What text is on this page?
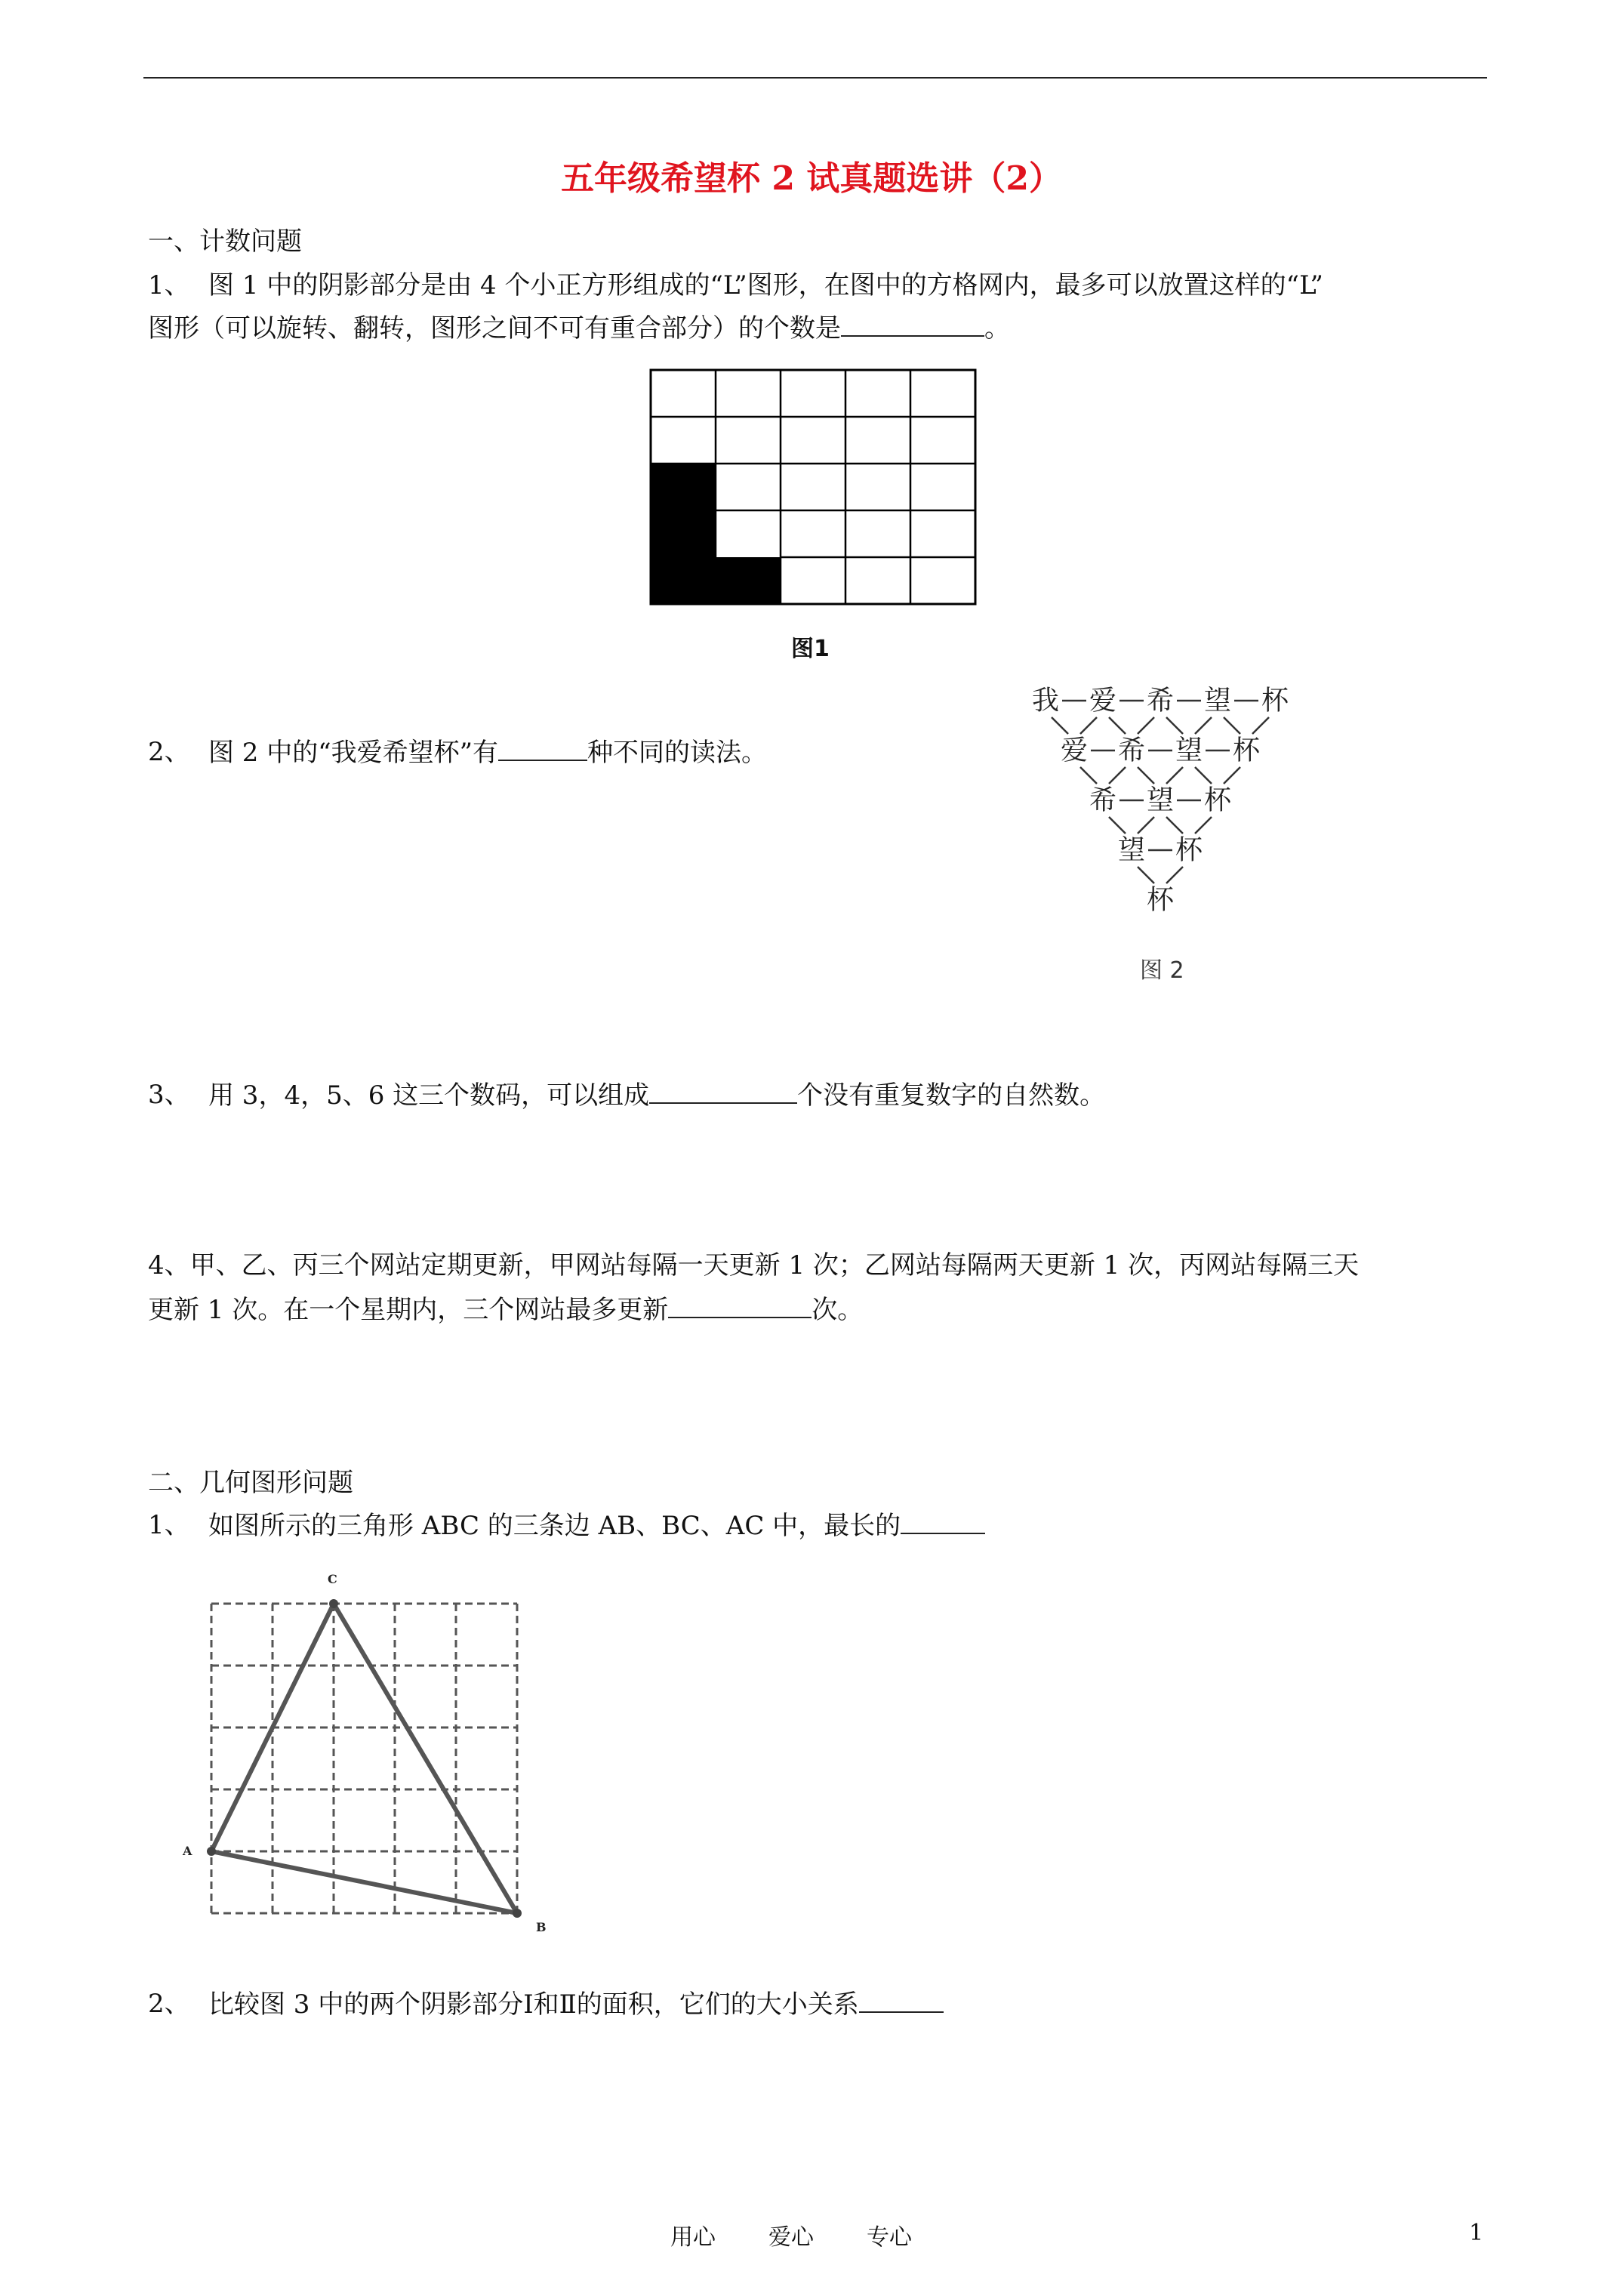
五年级希望杯 2 试真题选讲（2）
一、计数问题
1、 图 1 中的阴影部分是由 4 个小正方形组成的“L”图形，在图中的方格网内，最多可以放置这样的“L”
图形（可以旋转、翻转，图形之间不可有重合部分）的个数是	。
图1
2、 图 2 中的“我爱希望杯”有	种不同的读法。
我 爱 希 望 杯
爱 希 望 杯
希 望 杯
望 杯
杯
图 2
3、 用 3，4，5、6 这三个数码，可以组成	个没有重复数字的自然数。
4、甲、乙、丙三个网站定期更新，甲网站每隔一天更新 1 次；乙网站每隔两天更新 1 次，丙网站每隔三天
更新 1 次。在一个星期内，三个网站最多更新	次。
二、几何图形问题
1、 如图所示的三角形 ABC 的三条边 AB、BC、AC 中，最长的
A
C
B
2、 比较图 3 中的两个阴影部分Ⅰ和Ⅱ的面积，它们的大小关系
用心 爱心 专心	1
